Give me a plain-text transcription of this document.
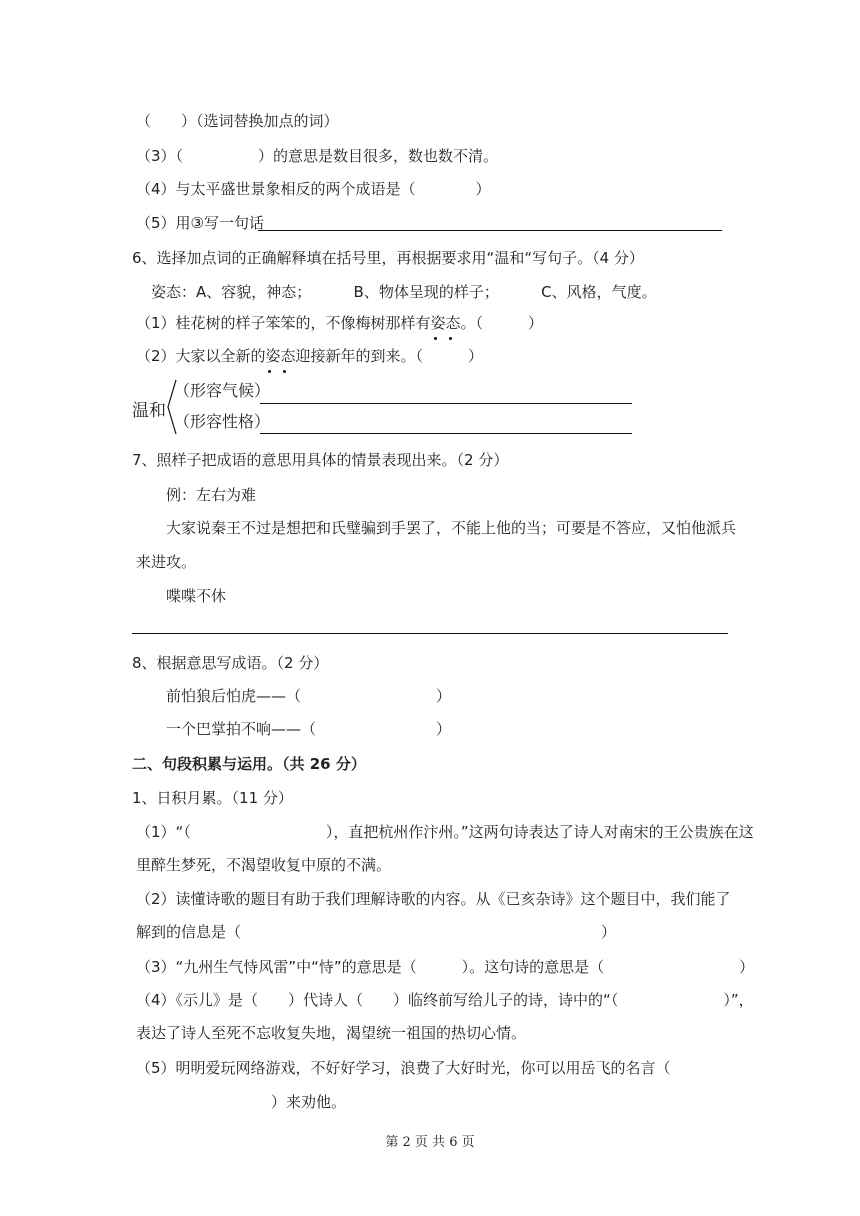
（　　）（选词替换加点的词）
（3）（　　　　　）的意思是数目很多，数也数不清。
（4）与太平盛世景象相反的两个成语是（　　　　）
（5）用③写一句话
6、选择加点词的正确解释填在括号里，再根据要求用“温和“写句子。（4 分）
　姿态：A、容貌，神态；　　　 B、物体呈现的样子；　　　 C、风格，气度。
（1）桂花树的样子笨笨的，不像梅树那样有姿态。（　　　）
（2）大家以全新的姿态迎接新年的到来。（　　　）
温和
（形容气候）
（形容性格）
7、照样子把成语的意思用具体的情景表现出来。（2 分）
　　例：左右为难
　　大家说秦王不过是想把和氏璧骗到手罢了，不能上他的当；可要是不答应，又怕他派兵
来进攻。
　　喋喋不休
8、根据意思写成语。（2 分）
　　前怕狼后怕虎——（　　　　　　　　　）
　　一个巴掌拍不响——（　　　　　　　　）
二、句段积累与运用。（共 26 分）
1、日积月累。（11 分）
（1）“（　　　　　　　　　），直把杭州作汴州。”这两句诗表达了诗人对南宋的王公贵族在这
里醉生梦死，不渴望收复中原的不满。
（2）读懂诗歌的题目有助于我们理解诗歌的内容。从《已亥杂诗》这个题目中，我们能了
解到的信息是（　　　　　　　　　　　　　　　　　　　　　　　　）
（3）“九州生气恃风雷”中“恃”的意思是（　　　）。这句诗的意思是（　　　　　　　　　）
（4）《示儿》是（　　）代诗人（　　）临终前写给儿子的诗，诗中的“（　　　　　　　）”，
表达了诗人至死不忘收复失地，渴望统一祖国的热切心情。
（5）明明爱玩网络游戏，不好好学习，浪费了大好时光，你可以用岳飞的名言（
　　　　　　　　　）来劝他。
第 2 页 共 6 页
